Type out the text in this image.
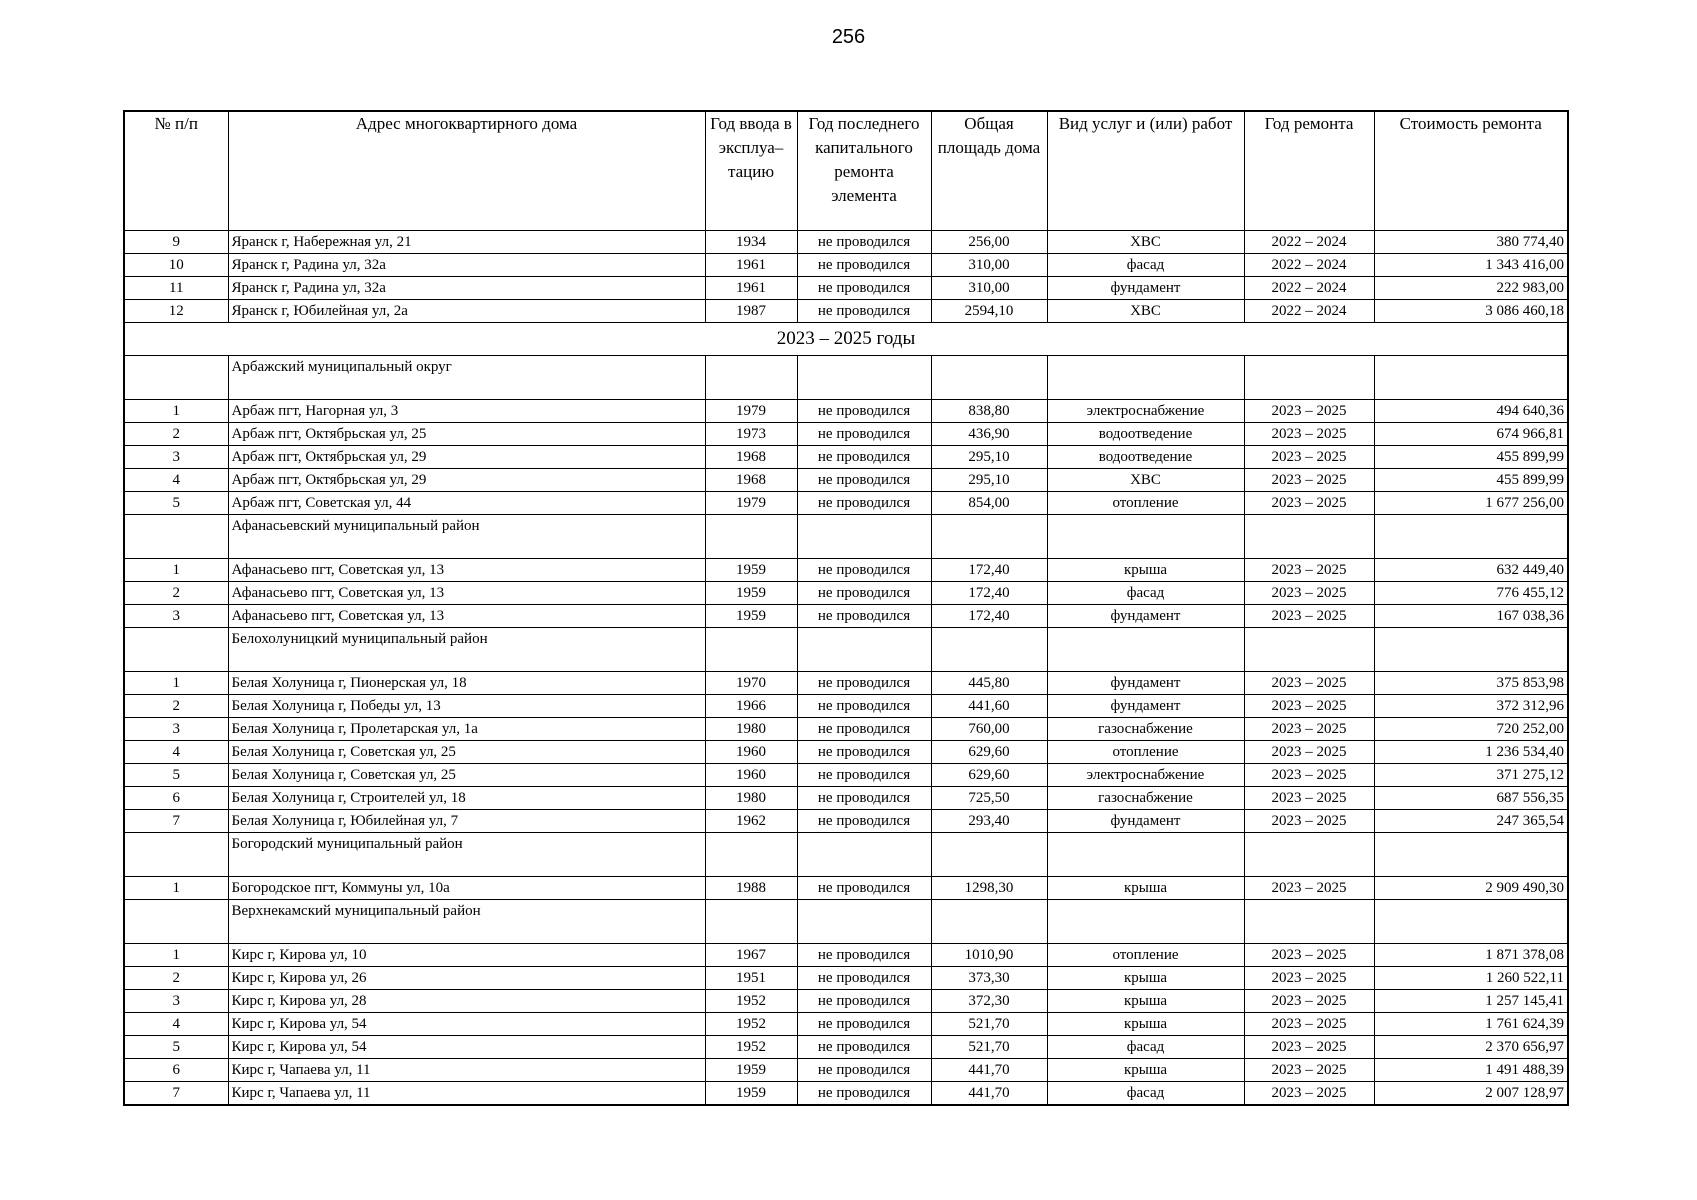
256
№ п/п	Адрес многоквартирного дома	Год ввода в эксплуа–тацию	Год последнего капитального ремонта элемента	Общая площадь дома	Вид услуг и (или) работ	Год ремонта	Стоимость ремонта
9	Яранск г, Набережная ул, 21	1934	не проводился	256,00	ХВС	2022 – 2024	380 774,40
10	Яранск г, Радина ул, 32а	1961	не проводился	310,00	фасад	2022 – 2024	1 343 416,00
11	Яранск г, Радина ул, 32а	1961	не проводился	310,00	фундамент	2022 – 2024	222 983,00
12	Яранск г, Юбилейная ул, 2а	1987	не проводился	2594,10	ХВС	2022 – 2024	3 086 460,18
2023 – 2025 годы							
	Арбажский муниципальный округ						
1	Арбаж пгт, Нагорная ул, 3	1979	не проводился	838,80	электроснабжение	2023 – 2025	494 640,36
2	Арбаж пгт, Октябрьская ул, 25	1973	не проводился	436,90	водоотведение	2023 – 2025	674 966,81
3	Арбаж пгт, Октябрьская ул, 29	1968	не проводился	295,10	водоотведение	2023 – 2025	455 899,99
4	Арбаж пгт, Октябрьская ул, 29	1968	не проводился	295,10	ХВС	2023 – 2025	455 899,99
5	Арбаж пгт, Советская ул, 44	1979	не проводился	854,00	отопление	2023 – 2025	1 677 256,00
	Афанасьевский муниципальный район						
1	Афанасьево пгт, Советская ул, 13	1959	не проводился	172,40	крыша	2023 – 2025	632 449,40
2	Афанасьево пгт, Советская ул, 13	1959	не проводился	172,40	фасад	2023 – 2025	776 455,12
3	Афанасьево пгт, Советская ул, 13	1959	не проводился	172,40	фундамент	2023 – 2025	167 038,36
	Белохолуницкий муниципальный район						
1	Белая Холуница г, Пионерская ул, 18	1970	не проводился	445,80	фундамент	2023 – 2025	375 853,98
2	Белая Холуница г, Победы ул, 13	1966	не проводился	441,60	фундамент	2023 – 2025	372 312,96
3	Белая Холуница г, Пролетарская ул, 1а	1980	не проводился	760,00	газоснабжение	2023 – 2025	720 252,00
4	Белая Холуница г, Советская ул, 25	1960	не проводился	629,60	отопление	2023 – 2025	1 236 534,40
5	Белая Холуница г, Советская ул, 25	1960	не проводился	629,60	электроснабжение	2023 – 2025	371 275,12
6	Белая Холуница г, Строителей ул, 18	1980	не проводился	725,50	газоснабжение	2023 – 2025	687 556,35
7	Белая Холуница г, Юбилейная ул, 7	1962	не проводился	293,40	фундамент	2023 – 2025	247 365,54
	Богородский муниципальный район						
1	Богородское пгт, Коммуны ул, 10а	1988	не проводился	1298,30	крыша	2023 – 2025	2 909 490,30
	Верхнекамский муниципальный район						
1	Кирс г, Кирова ул, 10	1967	не проводился	1010,90	отопление	2023 – 2025	1 871 378,08
2	Кирс г, Кирова ул, 26	1951	не проводился	373,30	крыша	2023 – 2025	1 260 522,11
3	Кирс г, Кирова ул, 28	1952	не проводился	372,30	крыша	2023 – 2025	1 257 145,41
4	Кирс г, Кирова ул, 54	1952	не проводился	521,70	крыша	2023 – 2025	1 761 624,39
5	Кирс г, Кирова ул, 54	1952	не проводился	521,70	фасад	2023 – 2025	2 370 656,97
6	Кирс г, Чапаева ул, 11	1959	не проводился	441,70	крыша	2023 – 2025	1 491 488,39
7	Кирс г, Чапаева ул, 11	1959	не проводился	441,70	фасад	2023 – 2025	2 007 128,97
